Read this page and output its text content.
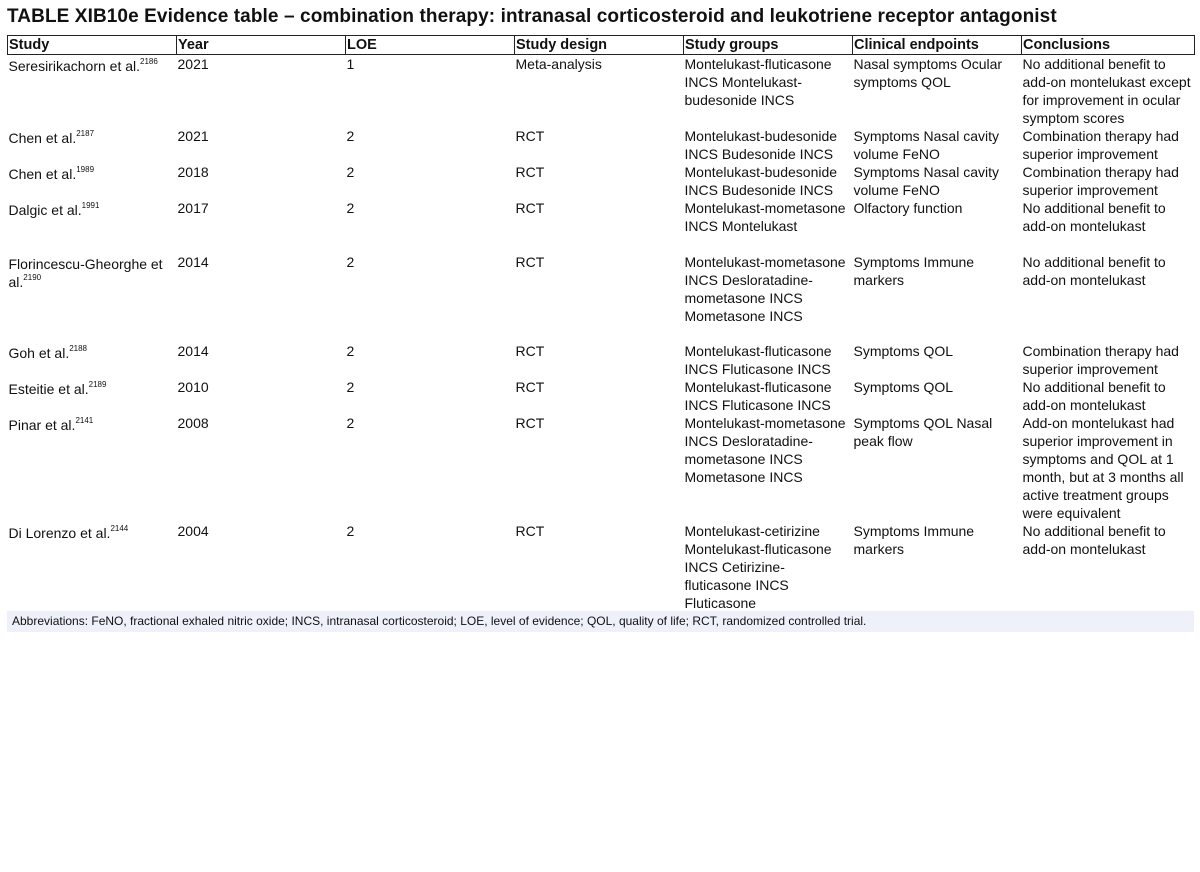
TABLE XIB10e Evidence table – combination therapy: intranasal corticosteroid and leukotriene receptor antagonist
Study	Year	LOE	Study design	Study groups	Clinical endpoints	Conclusions
Seresirikachorn et al.$^{2186}$	2021	1	Meta-analysis	Montelukast-fluticasone INCS Montelukast-budesonide INCS	Nasal symptoms Ocular symptoms QOL	No additional benefit to add-on montelukast except for improvement in ocular symptom scores
Chen et al.$^{2187}$	2021	2	RCT	Montelukast-budesonide INCS Budesonide INCS	Symptoms Nasal cavity volume FeNO	Combination therapy had superior improvement
Chen et al.$^{1989}$	2018	2	RCT	Montelukast-budesonide INCS Budesonide INCS	Symptoms Nasal cavity volume FeNO	Combination therapy had superior improvement
Dalgic et al.$^{1991}$	2017	2	RCT	Montelukast-mometasone INCS Montelukast	Olfactory function	No additional benefit to add-on montelukast
Florincescu-Gheorghe et al.$^{2190}$	2014	2	RCT	Montelukast-mometasone INCS Desloratadine-mometasone INCS Mometasone INCS	Symptoms Immune markers	No additional benefit to add-on montelukast
Goh et al.$^{2188}$	2014	2	RCT	Montelukast-fluticasone INCS Fluticasone INCS	Symptoms QOL	Combination therapy had superior improvement
Esteitie et al.$^{2189}$	2010	2	RCT	Montelukast-fluticasone INCS Fluticasone INCS	Symptoms QOL	No additional benefit to add-on montelukast
Pinar et al.$^{2141}$	2008	2	RCT	Montelukast-mometasone INCS Desloratadine-mometasone INCS Mometasone INCS	Symptoms QOL Nasal peak flow	Add-on montelukast had superior improvement in symptoms and QOL at 1 month, but at 3 months all active treatment groups were equivalent
Di Lorenzo et al.$^{2144}$	2004	2	RCT	Montelukast-cetirizine Montelukast-fluticasone INCS Cetirizine-fluticasone INCS Fluticasone	Symptoms Immune markers	No additional benefit to add-on montelukast
Abbreviations: FeNO, fractional exhaled nitric oxide; INCS, intranasal corticosteroid; LOE, level of evidence; QOL, quality of life; RCT, randomized controlled trial.
